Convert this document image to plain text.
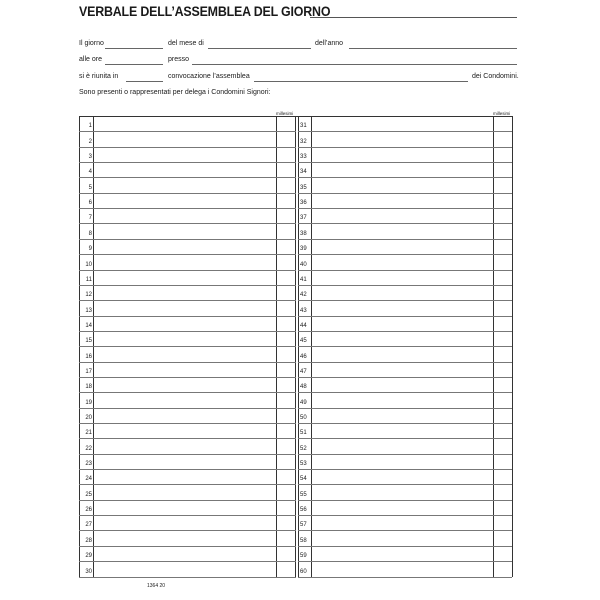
VERBALE DELL’ASSEMBLEA DEL GIORNO
Il giorno	del mese di	dell’anno
alle ore	presso
si è riunita in	convocazione l’assemblea	dei Condomini.
Sono presenti o rappresentati per delega i Condomini Signori:
millesimi	millesimi
1	31
2	32
3	33
4	34
5	35
6	36
7	37
8	38
9	39
10	40
11	41
12	42
13	43
14	44
15	45
16	46
17	47
18	48
19	49
20	50
21	51
22	52
23	53
24	54
25	55
26	56
27	57
28	58
29	59
30	60
1364 20
